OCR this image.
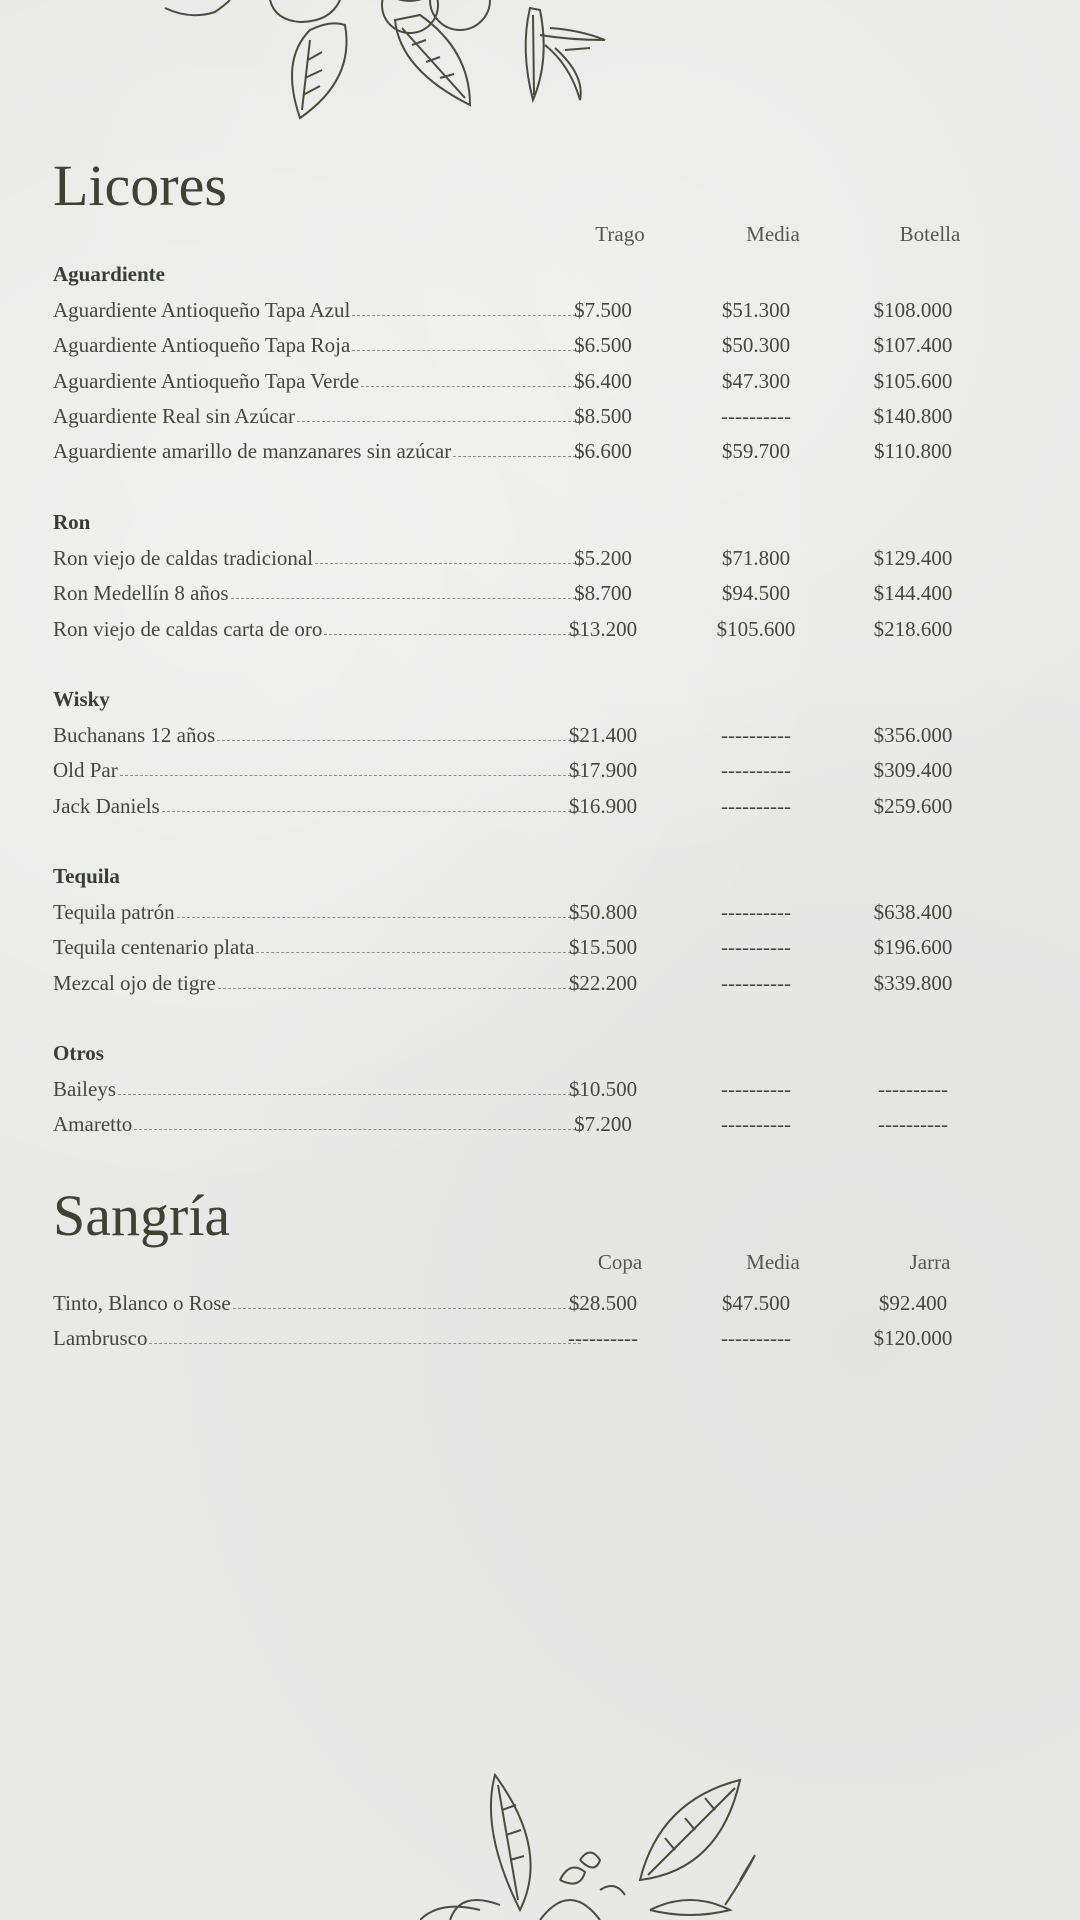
Licores
Trago	Media	Botella
Aguardiente
Aguardiente Antioqueño Tapa Azul	$7.500	$51.300	$108.000
Aguardiente Antioqueño Tapa Roja	$6.500	$50.300	$107.400
Aguardiente Antioqueño Tapa Verde	$6.400	$47.300	$105.600
Aguardiente Real sin Azúcar	$8.500	----------	$140.800
Aguardiente amarillo de manzanares sin azúcar	$6.600	$59.700	$110.800
Ron
Ron viejo de caldas tradicional	$5.200	$71.800	$129.400
Ron Medellín 8 años	$8.700	$94.500	$144.400
Ron viejo de caldas carta de oro	$13.200	$105.600	$218.600
Wisky
Buchanans 12 años	$21.400	----------	$356.000
Old Par	$17.900	----------	$309.400
Jack Daniels	$16.900	----------	$259.600
Tequila
Tequila patrón	$50.800	----------	$638.400
Tequila centenario plata	$15.500	----------	$196.600
Mezcal ojo de tigre	$22.200	----------	$339.800
Otros
Baileys	$10.500	----------	----------
Amaretto	$7.200	----------	----------
Sangría
Copa	Media	Jarra
Tinto, Blanco o Rose	$28.500	$47.500	$92.400
Lambrusco	----------	----------	$120.000
